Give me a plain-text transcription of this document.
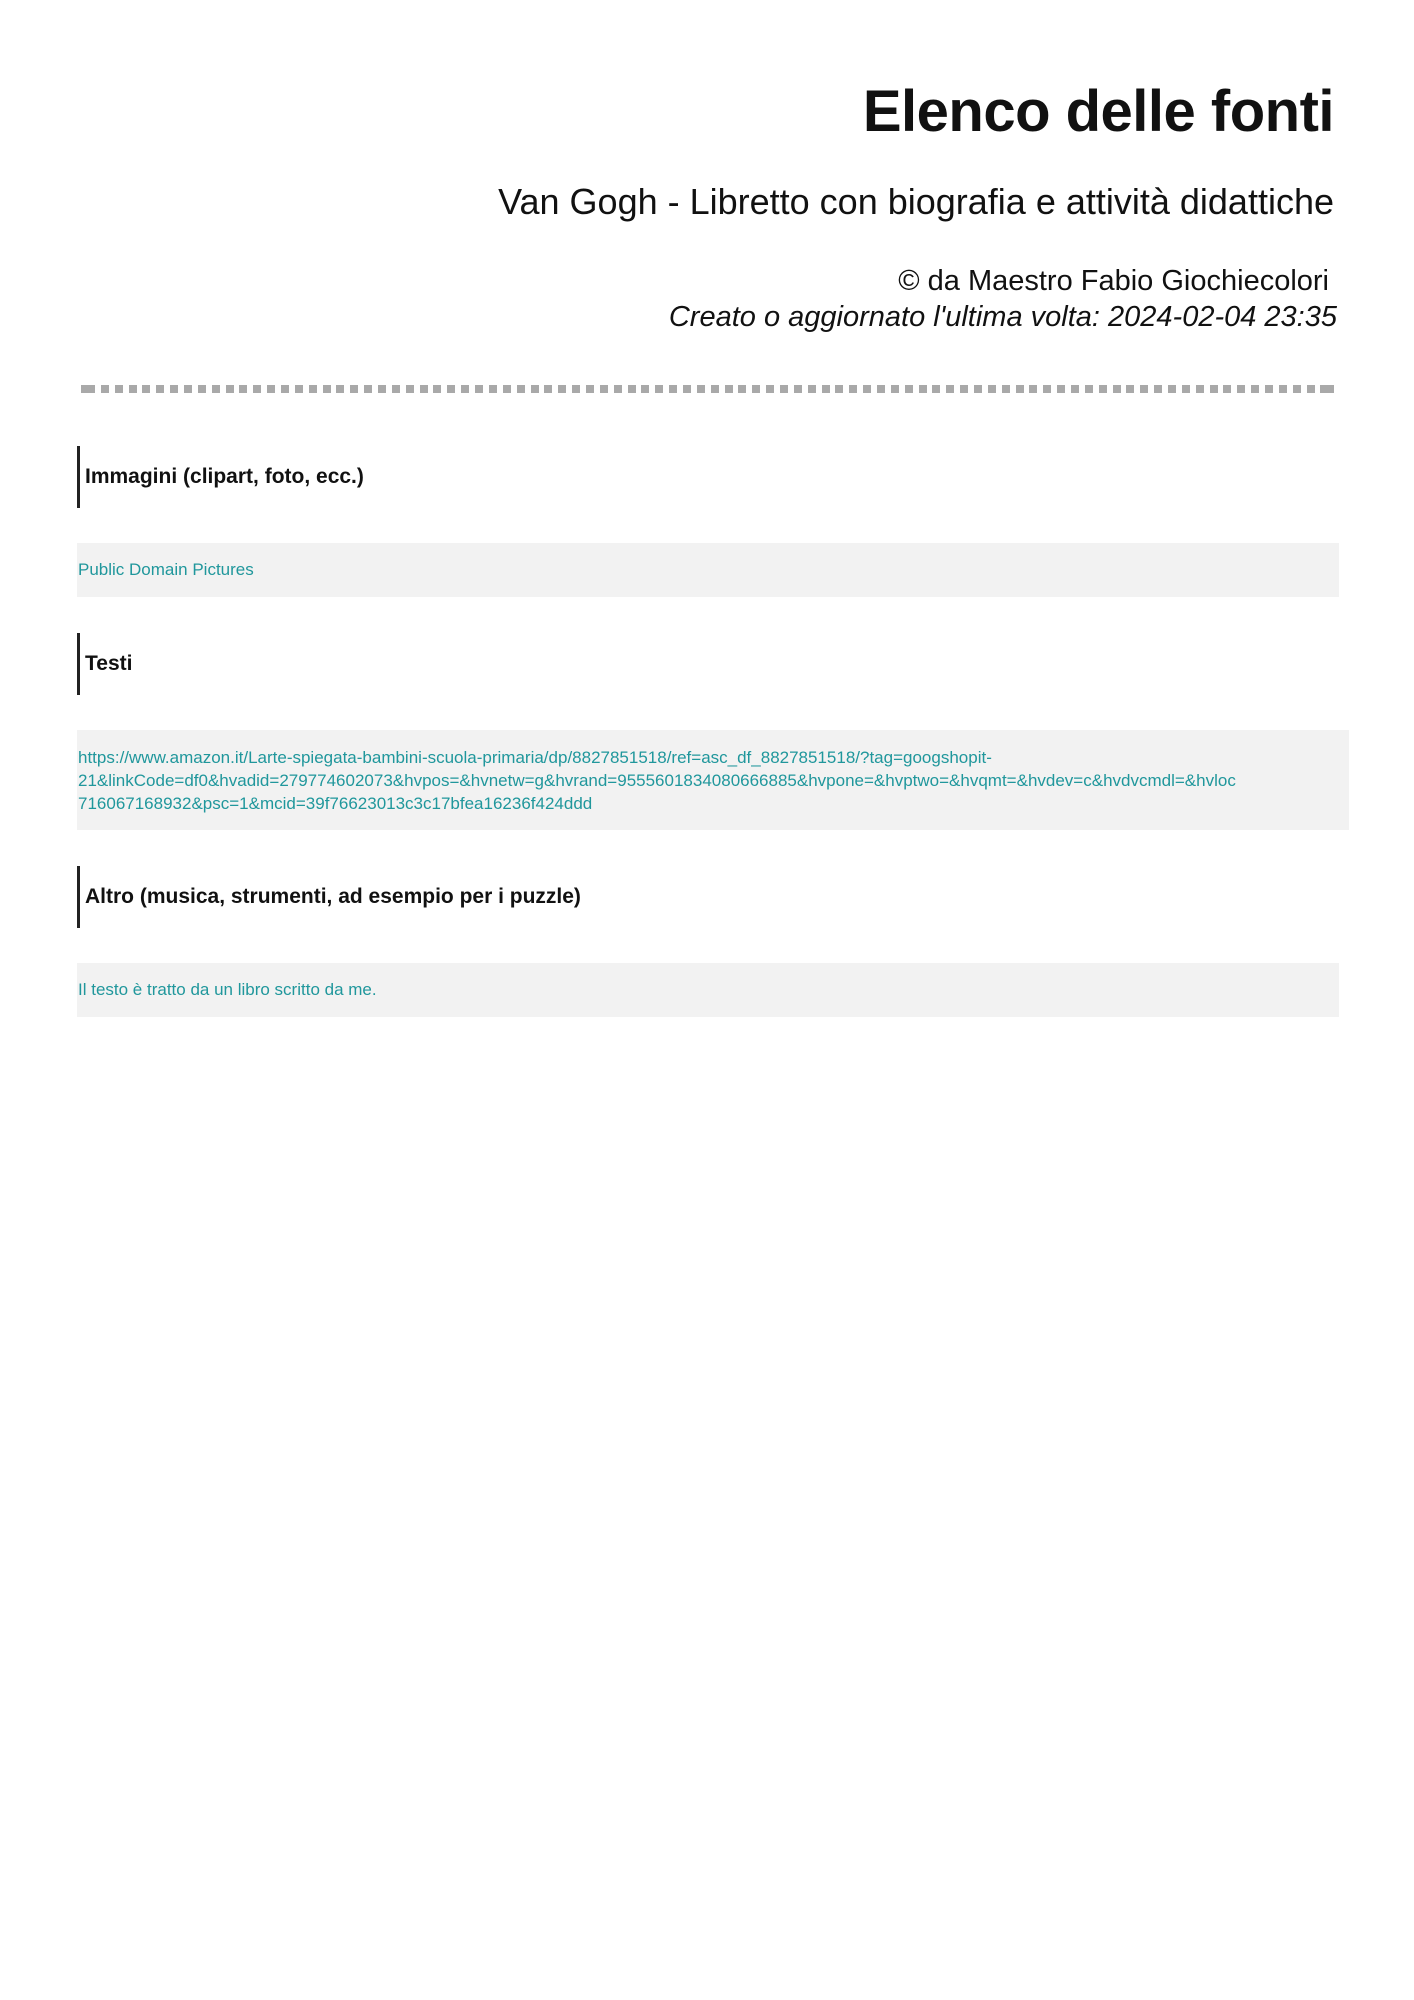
Elenco delle fonti
Van Gogh - Libretto con biografia e attività didattiche
© da Maestro Fabio Giochiecolori
Creato o aggiornato l'ultima volta: 2024-02-04 23:35
Immagini (clipart, foto, ecc.)
Public Domain Pictures
Testi
https://www.amazon.it/Larte-spiegata-bambini-scuola-primaria/dp/8827851518/ref=asc_df_8827851518/?tag=googshopit-
21&linkCode=df0&hvadid=279774602073&hvpos=&hvnetw=g&hvrand=9555601834080666885&hvpone=&hvptwo=&hvqmt=&hvdev=c&hvdvcmdl=&hvloc
716067168932&psc=1&mcid=39f76623013c3c17bfea16236f424ddd
Altro (musica, strumenti, ad esempio per i puzzle)
Il testo è tratto da un libro scritto da me.
